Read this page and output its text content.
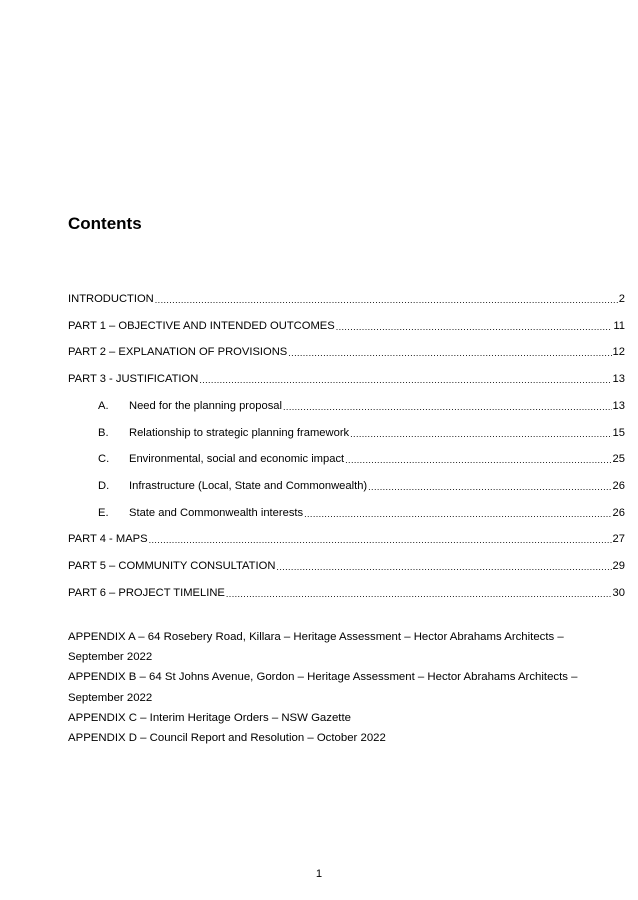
Contents
INTRODUCTION .....	2
PART 1 – OBJECTIVE AND INTENDED OUTCOMES .....	11
PART 2 – EXPLANATION OF PROVISIONS .....	12
PART 3 - JUSTIFICATION .....	13
A.	Need for the planning proposal .....	13
B.	Relationship to strategic planning framework .....	15
C.	Environmental, social and economic impact .....	25
D.	Infrastructure (Local, State and Commonwealth) .....	26
E.	State and Commonwealth interests .....	26
PART 4 - MAPS .....	27
PART 5 – COMMUNITY CONSULTATION .....	29
PART 6 – PROJECT TIMELINE .....	30

APPENDIX A – 64 Rosebery Road, Killara – Heritage Assessment – Hector Abrahams Architects – September 2022

APPENDIX B – 64 St Johns Avenue, Gordon – Heritage Assessment – Hector Abrahams Architects – September 2022

APPENDIX C – Interim Heritage Orders – NSW Gazette

APPENDIX D – Council Report and Resolution – October 2022

1
